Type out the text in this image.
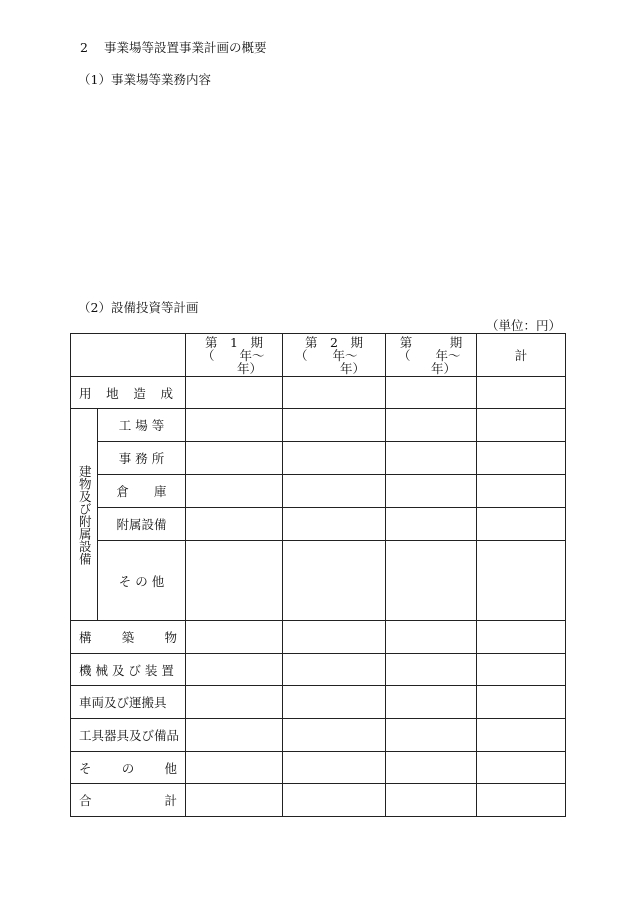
2 事業場等設置事業計画の概要
（1）事業場等業務内容
（2）設備投資等計画
（単位：円）
		第　1　期
（　　年～
年）	第　2　期
（　　年～
年）	第　　　期
（　　年～
年）	計

用 地 造 成					

建物及び附属設備	工 場 等				
	事 務 所				
	倉　　庫				
	附属設備				
	そ の 他				

構 築 物					

機 械 及 び 装 置					
車両及び運搬具					
工具器具及び備品					

そ の 他					

合 計					
